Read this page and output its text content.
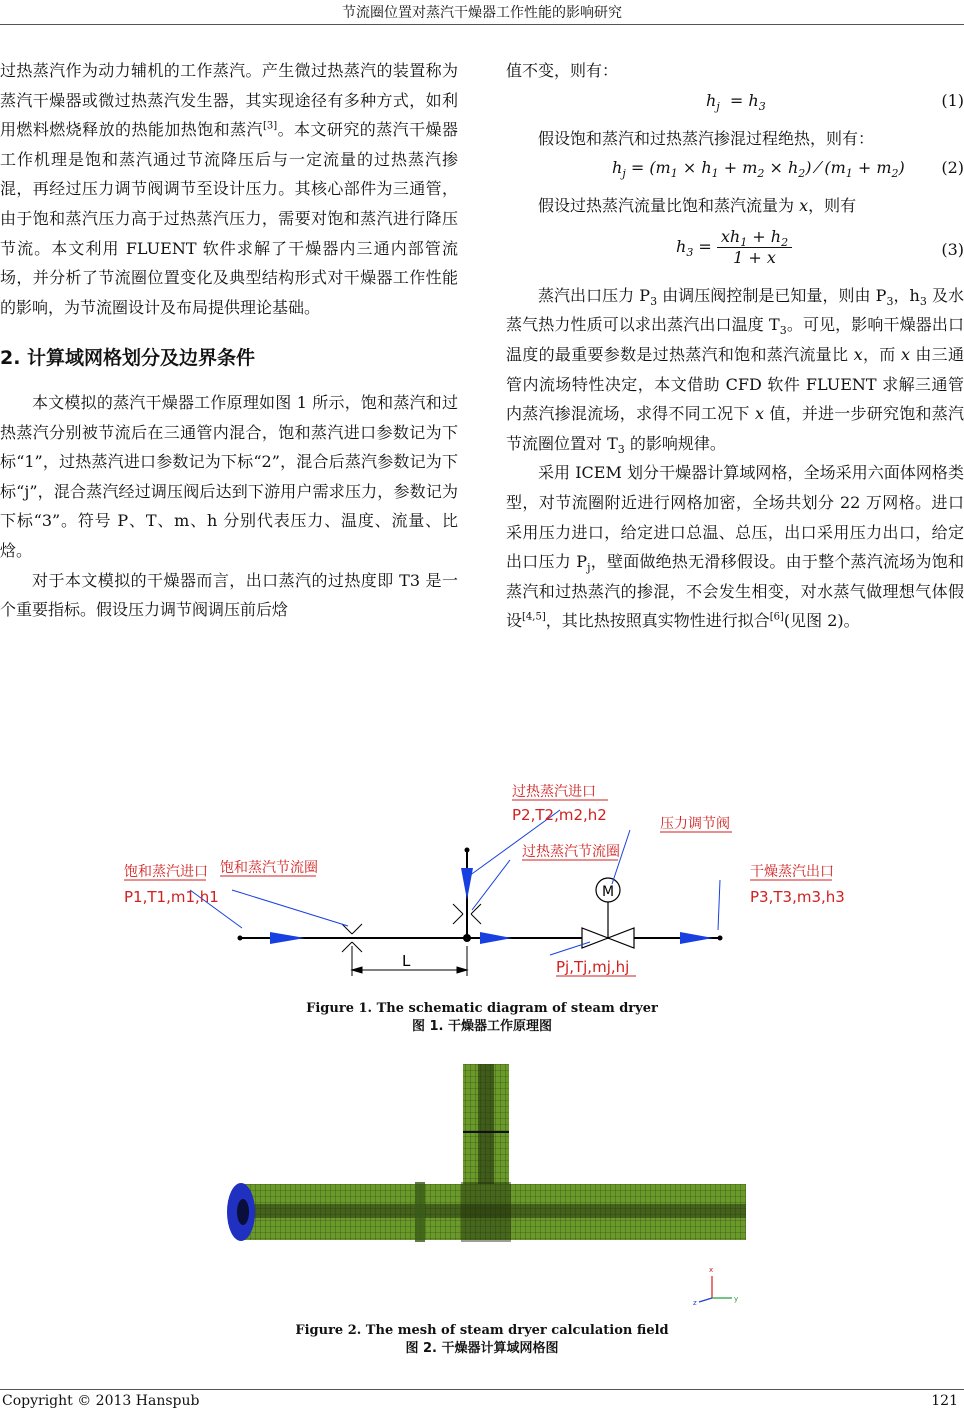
节流圈位置对蒸汽干燥器工作性能的影响研究

过热蒸汽作为动力辅机的工作蒸汽。产生微过热蒸汽的装置称为蒸汽干燥器或微过热蒸汽发生器，其实现途径有多种方式，如利用燃料燃烧释放的热能加热饱和蒸汽[3]。本文研究的蒸汽干燥器工作机理是饱和蒸汽通过节流降压后与一定流量的过热蒸汽掺混，再经过压力调节阀调节至设计压力。其核心部件为三通管，由于饱和蒸汽压力高于过热蒸汽压力，需要对饱和蒸汽进行降压节流。本文利用 FLUENT 软件求解了干燥器内三通内部管流场，并分析了节流圈位置变化及典型结构形式对干燥器工作性能的影响，为节流圈设计及布局提供理论基础。

2. 计算域网格划分及边界条件

本文模拟的蒸汽干燥器工作原理如图 1 所示，饱和蒸汽和过热蒸汽分别被节流后在三通管内混合，饱和蒸汽进口参数记为下标“1”，过热蒸汽进口参数记为下标“2”，混合后蒸汽参数记为下标“j”，混合蒸汽经过调压阀后达到下游用户需求压力，参数记为下标“3”。符号 P、T、m、h 分别代表压力、温度、流量、比焓。

对于本文模拟的干燥器而言，出口蒸汽的过热度即 T3 是一个重要指标。假设压力调节阀调压前后焓

值不变，则有：

$h_j = h_3$	(1)

假设饱和蒸汽和过热蒸汽掺混过程绝热，则有：

$h_j = (m_1 \times h_1 + m_2 \times h_2)$ ⁄ $(m_1 + m_2)$ (2)

假设过热蒸汽流量比饱和蒸汽流量为 x，则有

$h_3 = \frac{xh_1 + h_2}{1 + x}$	(3)

蒸汽出口压力 $P_3$ 由调压阀控制是已知量，则由 $P_3$，$h_3$ 及水蒸气热力性质可以求出蒸汽出口温度 $T_3$。可见，影响干燥器出口温度的最重要参数是过热蒸汽和饱和蒸汽流量比 x，而 x 由三通管内流场特性决定，本文借助 CFD 软件 FLUENT 求解三通管内蒸汽掺混流场，求得不同工况下 x 值，并进一步研究饱和蒸汽节流圈位置对 $T_3$ 的影响规律。

采用 ICEM 划分干燥器计算域网格，全场采用六面体网格类型，对节流圈附近进行网格加密，全场共划分 22 万网格。进口采用压力进口，给定进口总温、总压，出口采用压力出口，给定出口压力 $P_j$，壁面做绝热无滑移假设。由于整个蒸汽流场为饱和蒸汽和过热蒸汽的掺混，不会发生相变，对水蒸气做理想气体假设[4,5]，其比热按照真实物性进行拟合[6](见图 2)。

L
M
饱和蒸汽进口
P1,T1,m1,h1
饱和蒸汽节流圈
过热蒸汽进口
P2,T2,m2,h2
过热蒸汽节流圈
压力调节阀
干燥蒸汽出口
P3,T3,m3,h3
Pj,Tj,mj,hj
Figure 1. The schematic diagram of steam dryer
图 1. 干燥器工作原理图
x
y
z
Figure 2. The mesh of steam dryer calculation field
图 2. 干燥器计算域网格图
Copyright © 2013 Hanspub	121
